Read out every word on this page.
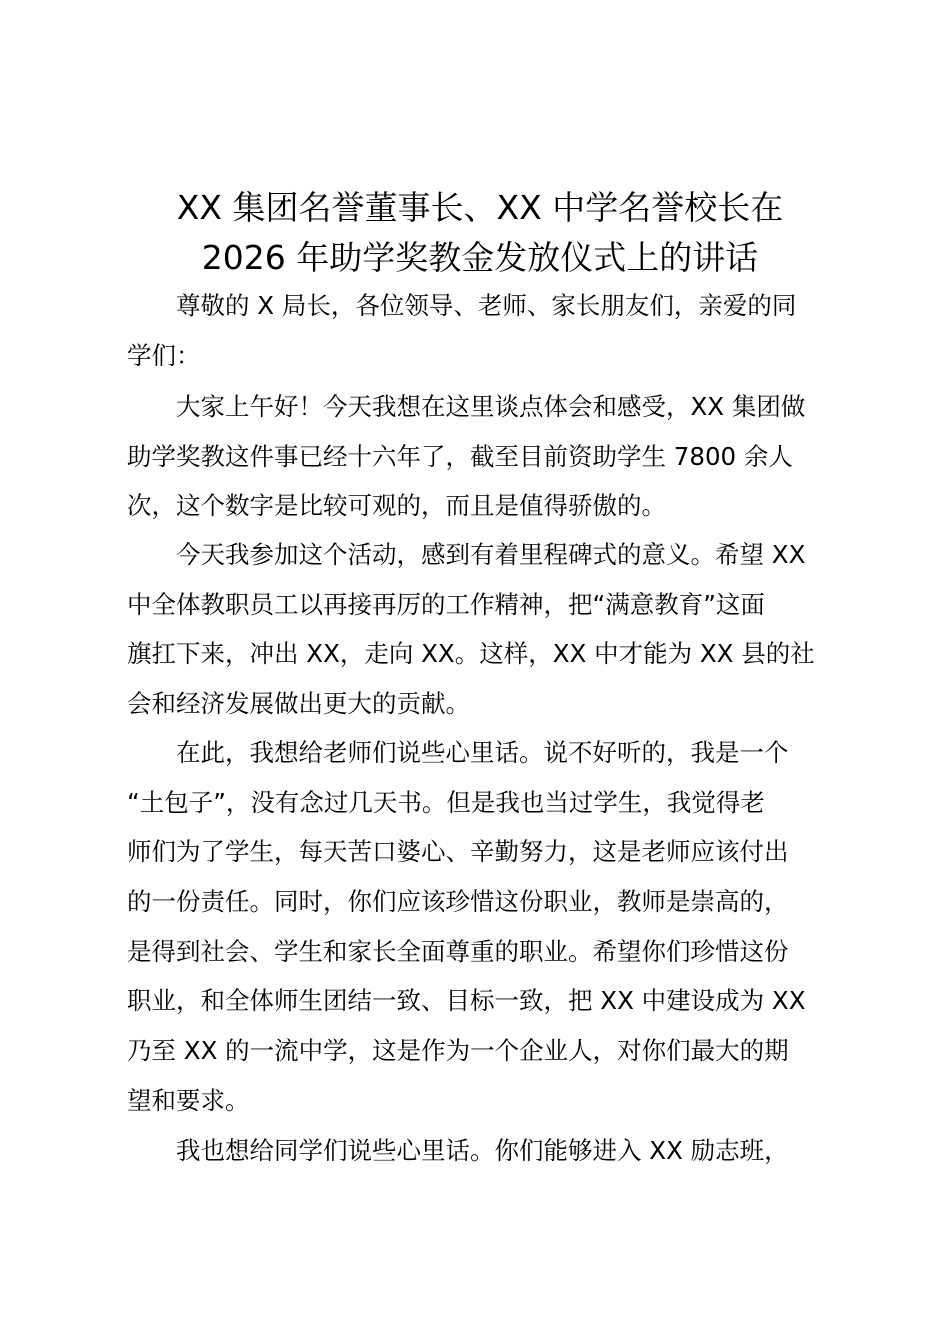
XX 集团名誉董事长、XX 中学名誉校长在
2026 年助学奖教金发放仪式上的讲话
尊敬的 X 局长，各位领导、老师、家长朋友们，亲爱的同
学们：
大家上午好！今天我想在这里谈点体会和感受，XX 集团做
助学奖教这件事已经十六年了，截至目前资助学生 7800 余人
次，这个数字是比较可观的，而且是值得骄傲的。
今天我参加这个活动，感到有着里程碑式的意义。希望 XX
中全体教职员工以再接再厉的工作精神，把“满意教育”这面
旗扛下来，冲出 XX，走向 XX。这样，XX 中才能为 XX 县的社
会和经济发展做出更大的贡献。
在此，我想给老师们说些心里话。说不好听的，我是一个
“土包子”，没有念过几天书。但是我也当过学生，我觉得老
师们为了学生，每天苦口婆心、辛勤努力，这是老师应该付出
的一份责任。同时，你们应该珍惜这份职业，教师是崇高的，
是得到社会、学生和家长全面尊重的职业。希望你们珍惜这份
职业，和全体师生团结一致、目标一致，把 XX 中建设成为 XX
乃至 XX 的一流中学，这是作为一个企业人，对你们最大的期
望和要求。
我也想给同学们说些心里话。你们能够进入 XX 励志班，
